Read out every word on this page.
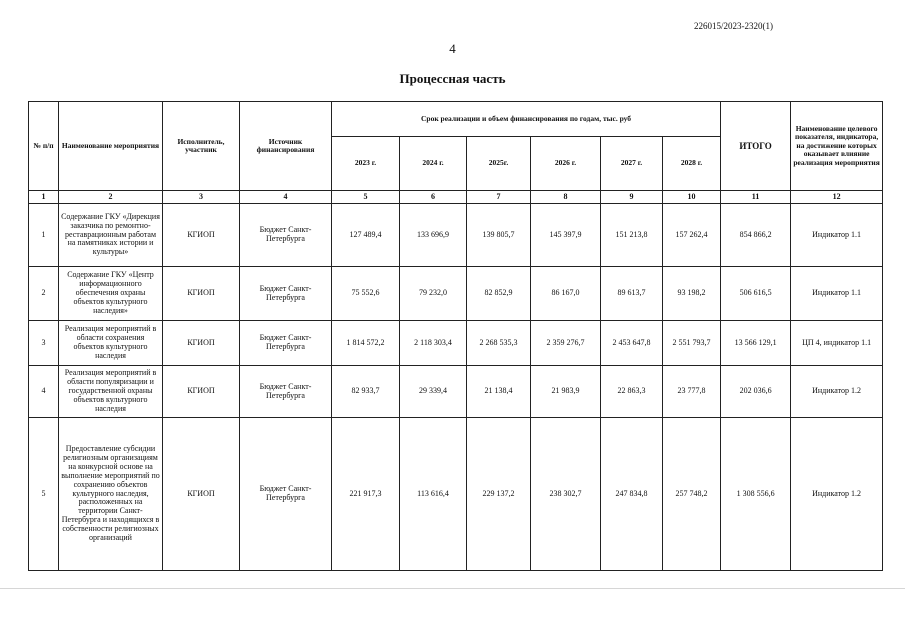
226015/2023-2320(1)
4
Процессная часть
№ п/п	Наименование мероприятия	Исполнитель, участник	Источник финансирования	Срок реализации и объем финансирования по годам, тыс. руб						ИТОГО	Наименование целевого показателя, индикатора, на достижение которых оказывает влияние реализация мероприятия
				2023 г.	2024 г.	2025г.	2026 г.	2027 г.	2028 г.		
1	2	3	4	5	6	7	8	9	10	11	12
1	Содержание ГКУ «Дирекция заказчика по ремонтно-реставрационным работам на памятниках истории и культуры»	КГИОП	Бюджет Санкт-Петербурга	127 489,4	133 696,9	139 805,7	145 397,9	151 213,8	157 262,4	854 866,2	Индикатор 1.1
2	Содержание ГКУ «Центр информационного обеспечения охраны объектов культурного наследия»	КГИОП	Бюджет Санкт-Петербурга	75 552,6	79 232,0	82 852,9	86 167,0	89 613,7	93 198,2	506 616,5	Индикатор 1.1
3	Реализация мероприятий в области сохранения объектов культурного наследия	КГИОП	Бюджет Санкт-Петербурга	1 814 572,2	2 118 303,4	2 268 535,3	2 359 276,7	2 453 647,8	2 551 793,7	13 566 129,1	ЦП 4, индикатор 1.1
4	Реализация мероприятий в области популяризации и государственной охраны объектов культурного наследия	КГИОП	Бюджет Санкт-Петербурга	82 933,7	29 339,4	21 138,4	21 983,9	22 863,3	23 777,8	202 036,6	Индикатор 1.2
5	Предоставление субсидии религиозным организациям на конкурсной основе на выполнение мероприятий по сохранению объектов культурного наследия, расположенных на территории Санкт-Петербурга и находящихся в собственности религиозных организаций	КГИОП	Бюджет Санкт-Петербурга	221 917,3	113 616,4	229 137,2	238 302,7	247 834,8	257 748,2	1 308 556,6	Индикатор 1.2
